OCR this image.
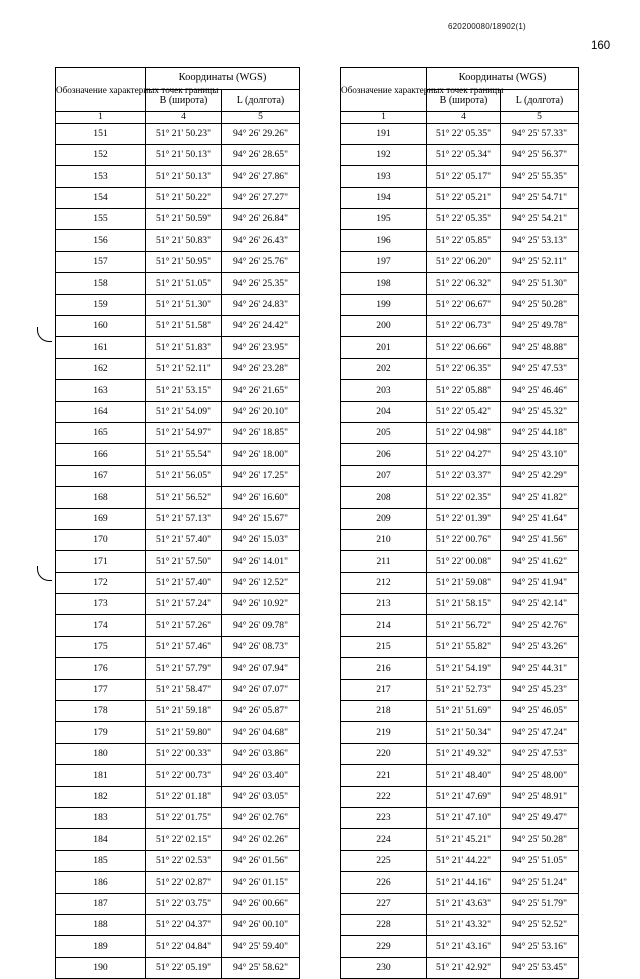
620200080/18902(1)
160
Обозначение характерных точек границы	Координаты (WGS)	
	B (широта)	L (долгота)
1	4	5
151	51° 21' 50.23"	94° 26' 29.26"
152	51° 21' 50.13"	94° 26' 28.65"
153	51° 21' 50.13"	94° 26' 27.86"
154	51° 21' 50.22"	94° 26' 27.27"
155	51° 21' 50.59"	94° 26' 26.84"
156	51° 21' 50.83"	94° 26' 26.43"
157	51° 21' 50.95"	94° 26' 25.76"
158	51° 21' 51.05"	94° 26' 25.35"
159	51° 21' 51.30"	94° 26' 24.83"
160	51° 21' 51.58"	94° 26' 24.42"
161	51° 21' 51.83"	94° 26' 23.95"
162	51° 21' 52.11"	94° 26' 23.28"
163	51° 21' 53.15"	94° 26' 21.65"
164	51° 21' 54.09"	94° 26' 20.10"
165	51° 21' 54.97"	94° 26' 18.85"
166	51° 21' 55.54"	94° 26' 18.00"
167	51° 21' 56.05"	94° 26' 17.25"
168	51° 21' 56.52"	94° 26' 16.60"
169	51° 21' 57.13"	94° 26' 15.67"
170	51° 21' 57.40"	94° 26' 15.03"
171	51° 21' 57.50"	94° 26' 14.01"
172	51° 21' 57.40"	94° 26' 12.52"
173	51° 21' 57.24"	94° 26' 10.92"
174	51° 21' 57.26"	94° 26' 09.78"
175	51° 21' 57.46"	94° 26' 08.73"
176	51° 21' 57.79"	94° 26' 07.94"
177	51° 21' 58.47"	94° 26' 07.07"
178	51° 21' 59.18"	94° 26' 05.87"
179	51° 21' 59.80"	94° 26' 04.68"
180	51° 22' 00.33"	94° 26' 03.86"
181	51° 22' 00.73"	94° 26' 03.40"
182	51° 22' 01.18"	94° 26' 03.05"
183	51° 22' 01.75"	94° 26' 02.76"
184	51° 22' 02.15"	94° 26' 02.26"
185	51° 22' 02.53"	94° 26' 01.56"
186	51° 22' 02.87"	94° 26' 01.15"
187	51° 22' 03.75"	94° 26' 00.66"
188	51° 22' 04.37"	94° 26' 00.10"
189	51° 22' 04.84"	94° 25' 59.40"
190	51° 22' 05.19"	94° 25' 58.62"
Обозначение характерных точек границы	Координаты (WGS)	
	B (широта)	L (долгота)
1	4	5
191	51° 22' 05.35"	94° 25' 57.33"
192	51° 22' 05.34"	94° 25' 56.37"
193	51° 22' 05.17"	94° 25' 55.35"
194	51° 22' 05.21"	94° 25' 54.71"
195	51° 22' 05.35"	94° 25' 54.21"
196	51° 22' 05.85"	94° 25' 53.13"
197	51° 22' 06.20"	94° 25' 52.11"
198	51° 22' 06.32"	94° 25' 51.30"
199	51° 22' 06.67"	94° 25' 50.28"
200	51° 22' 06.73"	94° 25' 49.78"
201	51° 22' 06.66"	94° 25' 48.88"
202	51° 22' 06.35"	94° 25' 47.53"
203	51° 22' 05.88"	94° 25' 46.46"
204	51° 22' 05.42"	94° 25' 45.32"
205	51° 22' 04.98"	94° 25' 44.18"
206	51° 22' 04.27"	94° 25' 43.10"
207	51° 22' 03.37"	94° 25' 42.29"
208	51° 22' 02.35"	94° 25' 41.82"
209	51° 22' 01.39"	94° 25' 41.64"
210	51° 22' 00.76"	94° 25' 41.56"
211	51° 22' 00.08"	94° 25' 41.62"
212	51° 21' 59.08"	94° 25' 41.94"
213	51° 21' 58.15"	94° 25' 42.14"
214	51° 21' 56.72"	94° 25' 42.76"
215	51° 21' 55.82"	94° 25' 43.26"
216	51° 21' 54.19"	94° 25' 44.31"
217	51° 21' 52.73"	94° 25' 45.23"
218	51° 21' 51.69"	94° 25' 46.05"
219	51° 21' 50.34"	94° 25' 47.24"
220	51° 21' 49.32"	94° 25' 47.53"
221	51° 21' 48.40"	94° 25' 48.00"
222	51° 21' 47.69"	94° 25' 48.91"
223	51° 21' 47.10"	94° 25' 49.47"
224	51° 21' 45.21"	94° 25' 50.28"
225	51° 21' 44.22"	94° 25' 51.05"
226	51° 21' 44.16"	94° 25' 51.24"
227	51° 21' 43.63"	94° 25' 51.79"
228	51° 21' 43.32"	94° 25' 52.52"
229	51° 21' 43.16"	94° 25' 53.16"
230	51° 21' 42.92"	94° 25' 53.45"
